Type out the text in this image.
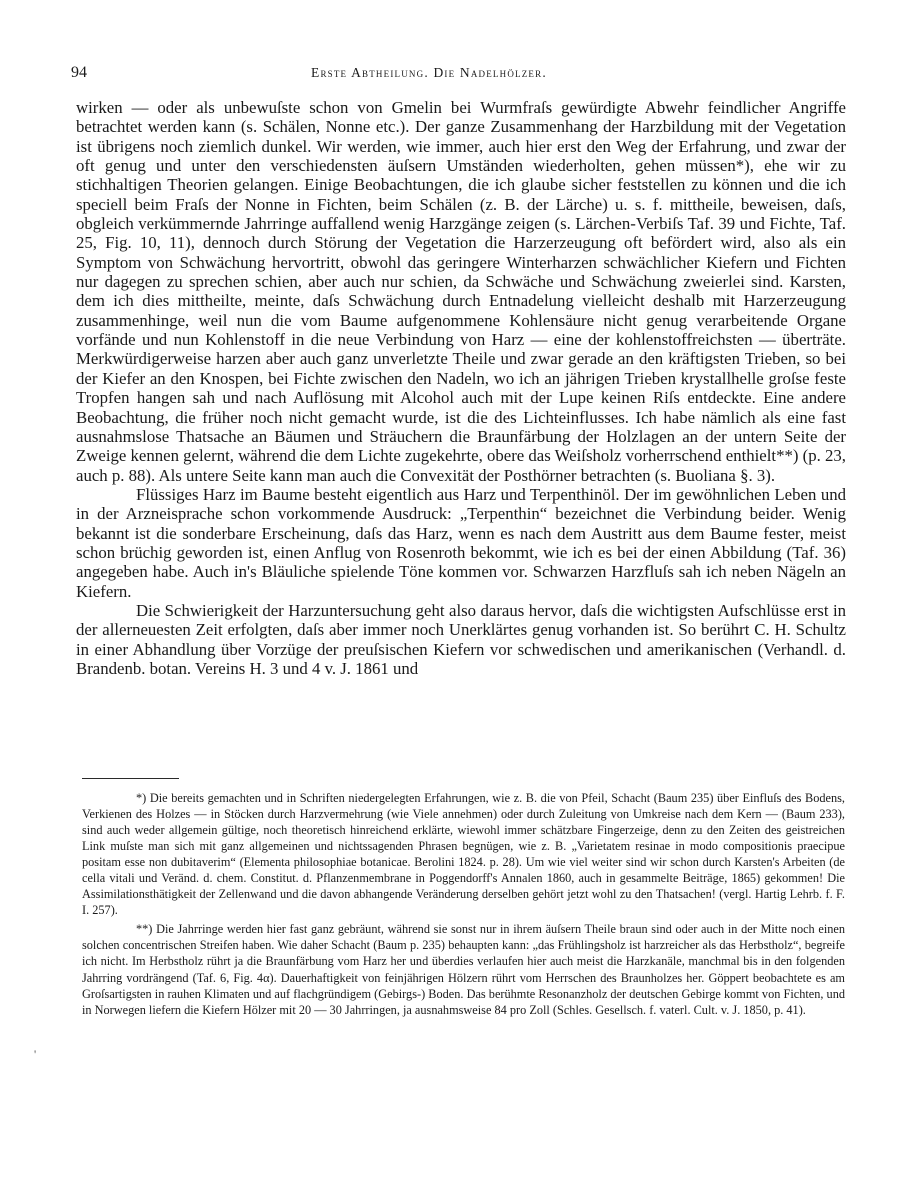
94	Erste Abtheilung. Die Nadelhölzer.

wirken — oder als unbewuſste schon von Gmelin bei Wurmfraſs gewürdigte Abwehr feindlicher Angriffe betrachtet werden kann (s. Schälen, Nonne etc.). Der ganze Zusammenhang der Harzbildung mit der Vegetation ist übrigens noch ziemlich dunkel. Wir werden, wie immer, auch hier erst den Weg der Erfahrung, und zwar der oft genug und unter den verschiedensten äuſsern Umständen wiederholten, gehen müssen*), ehe wir zu stichhaltigen Theorien gelangen. Einige Beobachtungen, die ich glaube sicher feststellen zu können und die ich speciell beim Fraſs der Nonne in Fichten, beim Schälen (z. B. der Lärche) u. s. f. mittheile, beweisen, daſs, obgleich verkümmernde Jahrringe auffallend wenig Harzgänge zeigen (s. Lärchen-Verbiſs Taf. 39 und Fichte, Taf. 25, Fig. 10, 11), dennoch durch Störung der Vegetation die Harzerzeugung oft befördert wird, also als ein Symptom von Schwächung hervortritt, obwohl das geringere Winterharzen schwächlicher Kiefern und Fichten nur dagegen zu sprechen schien, aber auch nur schien, da Schwäche und Schwächung zweierlei sind. Karsten, dem ich dies mittheilte, meinte, daſs Schwächung durch Entnadelung vielleicht deshalb mit Harzerzeugung zusammenhinge, weil nun die vom Baume aufgenommene Kohlensäure nicht genug verarbeitende Organe vorfände und nun Kohlenstoff in die neue Verbindung von Harz — eine der kohlenstoffreichsten — überträte. Merkwürdigerweise harzen aber auch ganz unverletzte Theile und zwar gerade an den kräftigsten Trieben, so bei der Kiefer an den Knospen, bei Fichte zwischen den Nadeln, wo ich an jährigen Trieben krystallhelle groſse feste Tropfen hangen sah und nach Auflösung mit Alcohol auch mit der Lupe keinen Riſs entdeckte. Eine andere Beobachtung, die früher noch nicht gemacht wurde, ist die des Lichteinflusses. Ich habe nämlich als eine fast ausnahmslose Thatsache an Bäumen und Sträuchern die Braunfärbung der Holzlagen an der untern Seite der Zweige kennen gelernt, während die dem Lichte zugekehrte, obere das Weiſsholz vorherrschend enthielt**) (p. 23, auch p. 88). Als untere Seite kann man auch die Convexität der Posthörner betrachten (s. Buoliana §. 3).

Flüssiges Harz im Baume besteht eigentlich aus Harz und Terpenthinöl. Der im gewöhnlichen Leben und in der Arzneisprache schon vorkommende Ausdruck: „Terpenthin“ bezeichnet die Verbindung beider. Wenig bekannt ist die sonderbare Erscheinung, daſs das Harz, wenn es nach dem Austritt aus dem Baume fester, meist schon brüchig geworden ist, einen Anflug von Rosenroth bekommt, wie ich es bei der einen Abbildung (Taf. 36) angegeben habe. Auch in's Bläuliche spielende Töne kommen vor. Schwarzen Harzfluſs sah ich neben Nägeln an Kiefern.

Die Schwierigkeit der Harzuntersuchung geht also daraus hervor, daſs die wichtigsten Aufschlüsse erst in der allerneuesten Zeit erfolgten, daſs aber immer noch Unerklärtes genug vorhanden ist. So berührt C. H. Schultz in einer Abhandlung über Vorzüge der preuſsischen Kiefern vor schwedischen und amerikanischen (Verhandl. d. Brandenb. botan. Vereins H. 3 und 4 v. J. 1861 und

*) Die bereits gemachten und in Schriften niedergelegten Erfahrungen, wie z. B. die von Pfeil, Schacht (Baum 235) über Einfluſs des Bodens, Verkienen des Holzes — in Stöcken durch Harzvermehrung (wie Viele annehmen) oder durch Zuleitung von Umkreise nach dem Kern — (Baum 233), sind auch weder allgemein gültige, noch theoretisch hinreichend erklärte, wiewohl immer schätzbare Fingerzeige, denn zu den Zeiten des geistreichen Link muſste man sich mit ganz allgemeinen und nichtssagenden Phrasen begnügen, wie z. B. „Varietatem resinae in modo compositionis praecipue positam esse non dubitaverim“ (Elementa philosophiae botanicae. Berolini 1824. p. 28). Um wie viel weiter sind wir schon durch Karsten's Arbeiten (de cella vitali und Veränd. d. chem. Constitut. d. Pflanzenmembrane in Poggendorff's Annalen 1860, auch in gesammelte Beiträge, 1865) gekommen! Die Assimilationsthätigkeit der Zellenwand und die davon abhangende Veränderung derselben gehört jetzt wohl zu den Thatsachen! (vergl. Hartig Lehrb. f. F. I. 257).

**) Die Jahrringe werden hier fast ganz gebräunt, während sie sonst nur in ihrem äuſsern Theile braun sind oder auch in der Mitte noch einen solchen concentrischen Streifen haben. Wie daher Schacht (Baum p. 235) behaupten kann: „das Frühlingsholz ist harzreicher als das Herbstholz“, begreife ich nicht. Im Herbstholz rührt ja die Braunfärbung vom Harz her und überdies verlaufen hier auch meist die Harzkanäle, manchmal bis in den folgenden Jahrring vordrängend (Taf. 6, Fig. 4α). Dauerhaftigkeit von feinjährigen Hölzern rührt vom Herrschen des Braunholzes her. Göppert beobachtete es am Groſsartigsten in rauhen Klimaten und auf flachgründigem (Gebirgs-) Boden. Das berühmte Resonanzholz der deutschen Gebirge kommt von Fichten, und in Norwegen liefern die Kiefern Hölzer mit 20 — 30 Jahrringen, ja ausnahmsweise 84 pro Zoll (Schles. Gesellsch. f. vaterl. Cult. v. J. 1850, p. 41).

'
